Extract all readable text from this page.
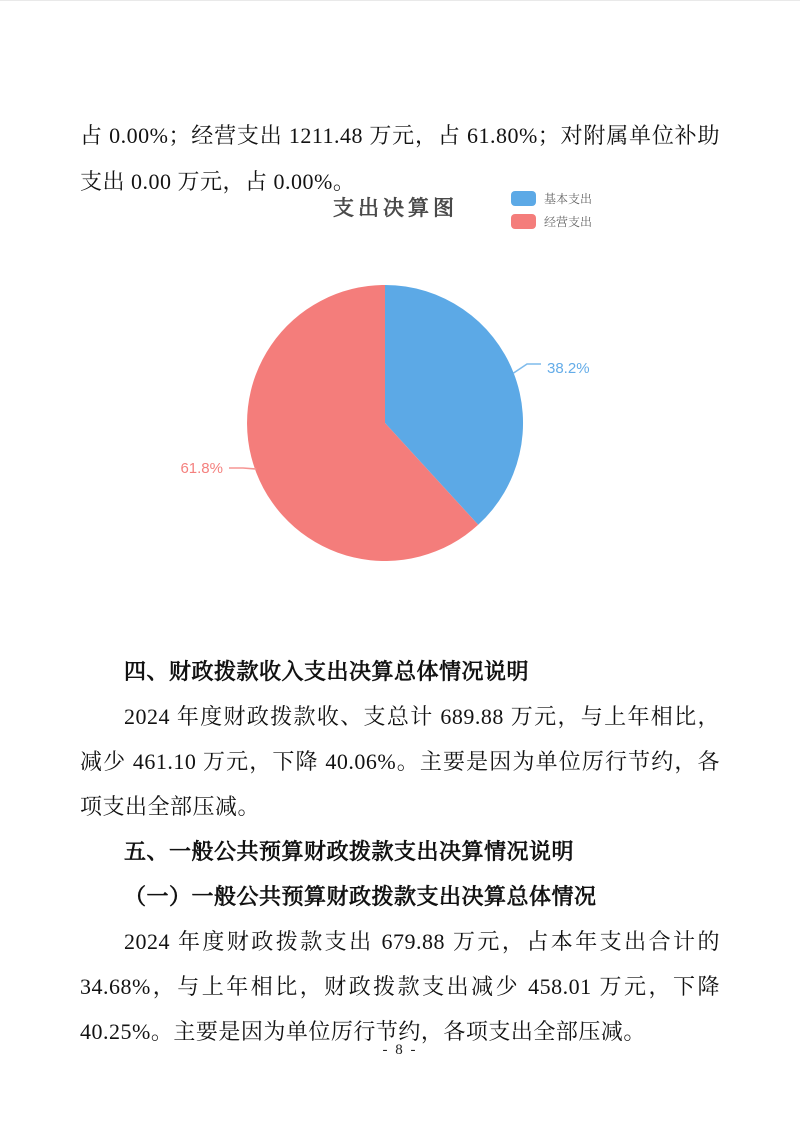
占 0.00%；经营支出 1211.48 万元，占 61.80%；对附属单位补助支出 0.00 万元，占 0.00%。

支出决算图	基本支出
经营支出
38.2%
61.8%

四、财政拨款收入支出决算总体情况说明

2024 年度财政拨款收、支总计 689.88 万元，与上年相比，减少 461.10 万元，下降 40.06%。主要是因为单位厉行节约，各项支出全部压减。

五、一般公共预算财政拨款支出决算情况说明

（一）一般公共预算财政拨款支出决算总体情况

2024 年度财政拨款支出 679.88 万元，占本年支出合计的 34.68%，与上年相比，财政拨款支出减少 458.01 万元，下降 40.25%。主要是因为单位厉行节约，各项支出全部压减。

- 8 -
